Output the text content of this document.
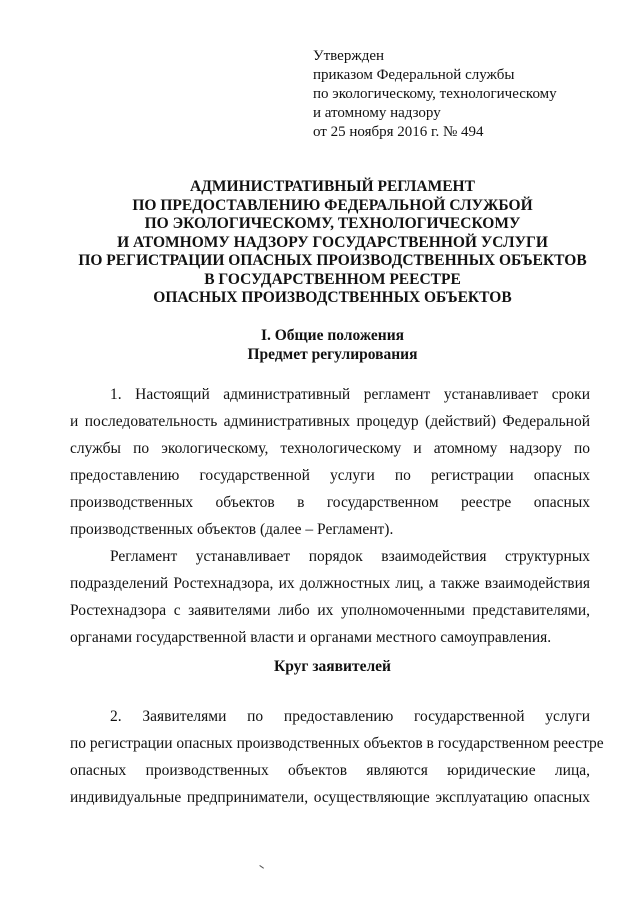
Утвержден
приказом Федеральной службы
по экологическому, технологическому
и атомному надзору
от 25 ноября 2016 г. № 494
АДМИНИСТРАТИВНЫЙ РЕГЛАМЕНТ
ПО ПРЕДОСТАВЛЕНИЮ ФЕДЕРАЛЬНОЙ СЛУЖБОЙ
ПО ЭКОЛОГИЧЕСКОМУ, ТЕХНОЛОГИЧЕСКОМУ
И АТОМНОМУ НАДЗОРУ ГОСУДАРСТВЕННОЙ УСЛУГИ
ПО РЕГИСТРАЦИИ ОПАСНЫХ ПРОИЗВОДСТВЕННЫХ ОБЪЕКТОВ
В ГОСУДАРСТВЕННОМ РЕЕСТРЕ
ОПАСНЫХ ПРОИЗВОДСТВЕННЫХ ОБЪЕКТОВ
I. Общие положения
Предмет регулирования
1. Настоящий административный регламент устанавливает сроки
и последовательность административных процедур (действий) Федеральной
службы по экологическому, технологическому и атомному надзору по
предоставлению государственной услуги по регистрации опасных
производственных объектов в государственном реестре опасных
производственных объектов (далее – Регламент).
Регламент устанавливает порядок взаимодействия структурных
подразделений Ростехнадзора, их должностных лиц, а также взаимодействия
Ростехнадзора с заявителями либо их уполномоченными представителями,
органами государственной власти и органами местного самоуправления.
Круг заявителей
2. Заявителями по предоставлению государственной услуги
по регистрации опасных производственных объектов в государственном реестре
опасных производственных объектов являются юридические лица,
индивидуальные предприниматели, осуществляющие эксплуатацию опасных
